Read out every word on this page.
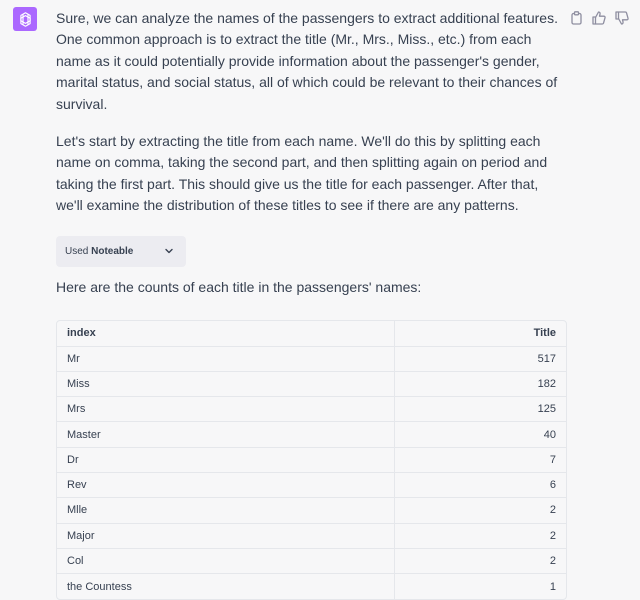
Sure, we can analyze the names of the passengers to extract additional features. One common approach is to extract the title (Mr., Mrs., Miss., etc.) from each name as it could potentially provide information about the passenger's gender, marital status, and social status, all of which could be relevant to their chances of survival.

Let's start by extracting the title from each name. We'll do this by splitting each name on comma, taking the second part, and then splitting again on period and taking the first part. This should give us the title for each passenger. After that, we'll examine the distribution of these titles to see if there are any patterns.

Used Noteable

Here are the counts of each title in the passengers' names:

index	Title
Mr	517
Miss	182
Mrs	125
Master	40
Dr	7
Rev	6
Mlle	2
Major	2
Col	2
the Countess	1
